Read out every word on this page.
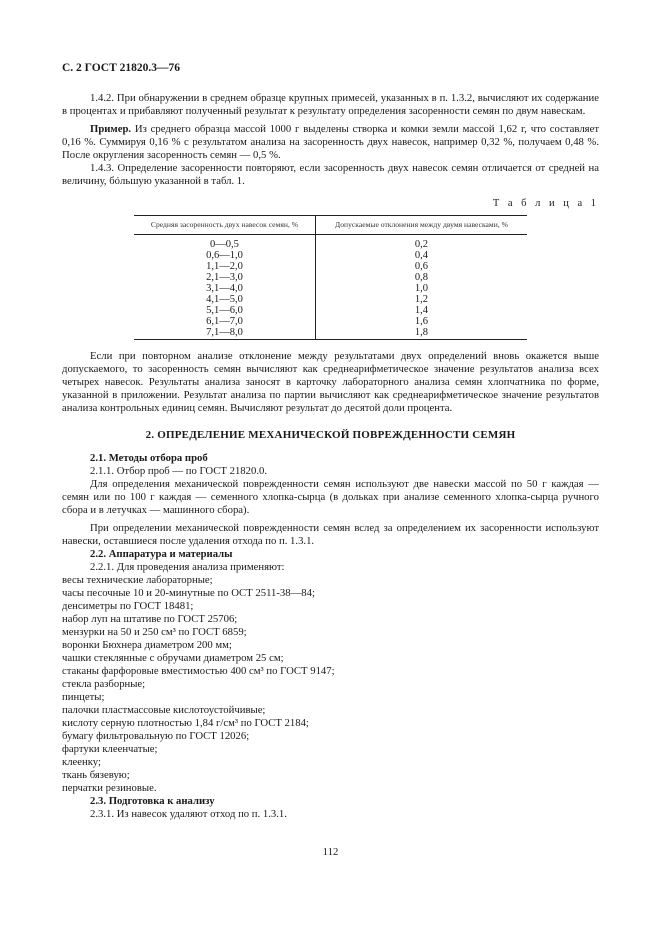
С. 2 ГОСТ 21820.3—76

1.4.2. При обнаружении в среднем образце крупных примесей, указанных в п. 1.3.2, вычисляют их содержание в процентах и прибавляют полученный результат к результату определения засоренности семян по двум навескам.

Пример. Из среднего образца массой 1000 г выделены створка и комки земли массой 1,62 г, что составляет 0,16 %. Суммируя 0,16 % с результатом анализа на засоренность двух навесок, например 0,32 %, получаем 0,48 %. После округления засоренность семян — 0,5 %.

1.4.3. Определение засоренности повторяют, если засоренность двух навесок семян отличается от средней на величину, бóльшую указанной в табл. 1.

Т а б л и ц а 1
Средняя засоренность двух навесок семян, %	Допускаемые отклонения между двумя навесками, %
0—0,5	0,2
0,6—1,0	0,4
1,1—2,0	0,6
2,1—3,0	0,8
3,1—4,0	1,0
4,1—5,0	1,2
5,1—6,0	1,4
6,1—7,0	1,6
7,1—8,0	1,8

Если при повторном анализе отклонение между результатами двух определений вновь окажется выше допускаемого, то засоренность семян вычисляют как среднеарифметическое значение результатов анализа всех четырех навесок. Результаты анализа заносят в карточку лабораторного анализа семян хлопчатника по форме, указанной в приложении. Результат анализа по партии вычисляют как среднеарифметическое значение результатов анализа контрольных единиц семян. Вычисляют результат до десятой доли процента.

2. ОПРЕДЕЛЕНИЕ МЕХАНИЧЕСКОЙ ПОВРЕЖДЕННОСТИ СЕМЯН

2.1. Методы отбора проб

2.1.1. Отбор проб — по ГОСТ 21820.0.

Для определения механической поврежденности семян используют две навески массой по 50 г каждая — семян или по 100 г каждая — семенного хлопка-сырца (в дольках при анализе семенного хлопка-сырца ручного сбора и в летучках — машинного сбора).

При определении механической поврежденности семян вслед за определением их засоренности используют навески, оставшиеся после удаления отхода по п. 1.3.1.

2.2. Аппаратура и материалы

2.2.1. Для проведения анализа применяют:

весы технические лабораторные;

часы песочные 10 и 20-минутные по ОСТ 2511-38—84;

денсиметры по ГОСТ 18481;

набор луп на штативе по ГОСТ 25706;

мензурки на 50 и 250 см³ по ГОСТ 6859;

воронки Бюхнера диаметром 200 мм;

чашки стеклянные с обручами диаметром 25 см;

стаканы фарфоровые вместимостью 400 см³ по ГОСТ 9147;

стекла разборные;

пинцеты;

палочки пластмассовые кислотоустойчивые;

кислоту серную плотностью 1,84 г/см³ по ГОСТ 2184;

бумагу фильтровальную по ГОСТ 12026;

фартуки клеенчатые;

клеенку;

ткань бязевую;

перчатки резиновые.

2.3. Подготовка к анализу

2.3.1. Из навесок удаляют отход по п. 1.3.1.

112
